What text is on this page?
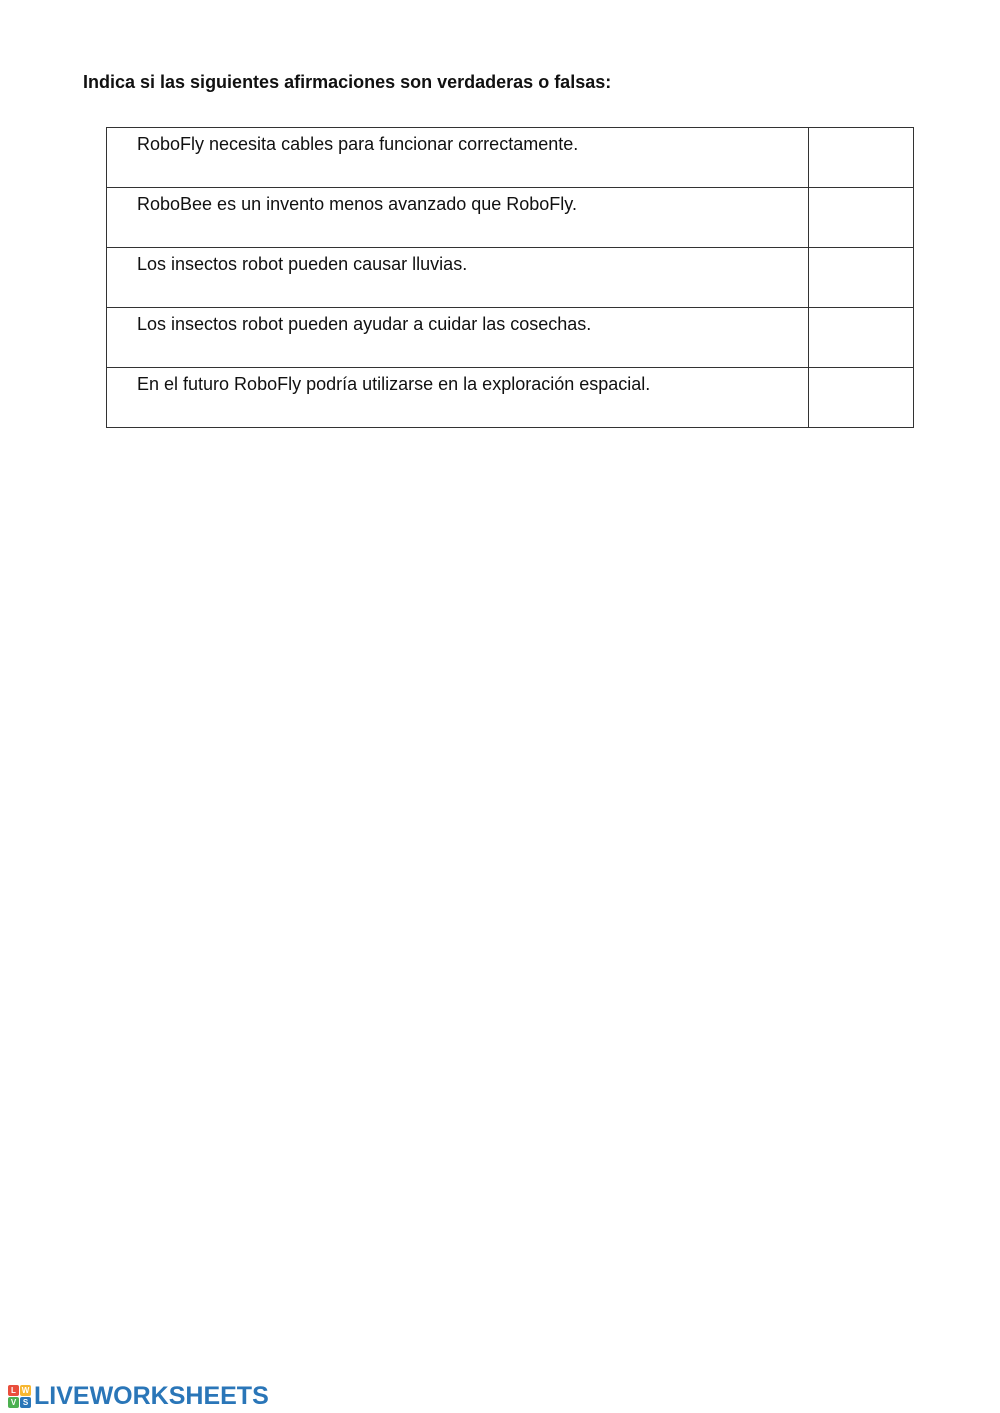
Indica si las siguientes afirmaciones son verdaderas o falsas:
RoboFly necesita cables para funcionar correctamente.	
RoboBee es un invento menos avanzado que RoboFly.	
Los insectos robot pueden causar lluvias.	
Los insectos robot pueden ayudar a cuidar las cosechas.	
En el futuro RoboFly podría utilizarse en la exploración espacial.	
L W
V S LIVEWORKSHEETS
